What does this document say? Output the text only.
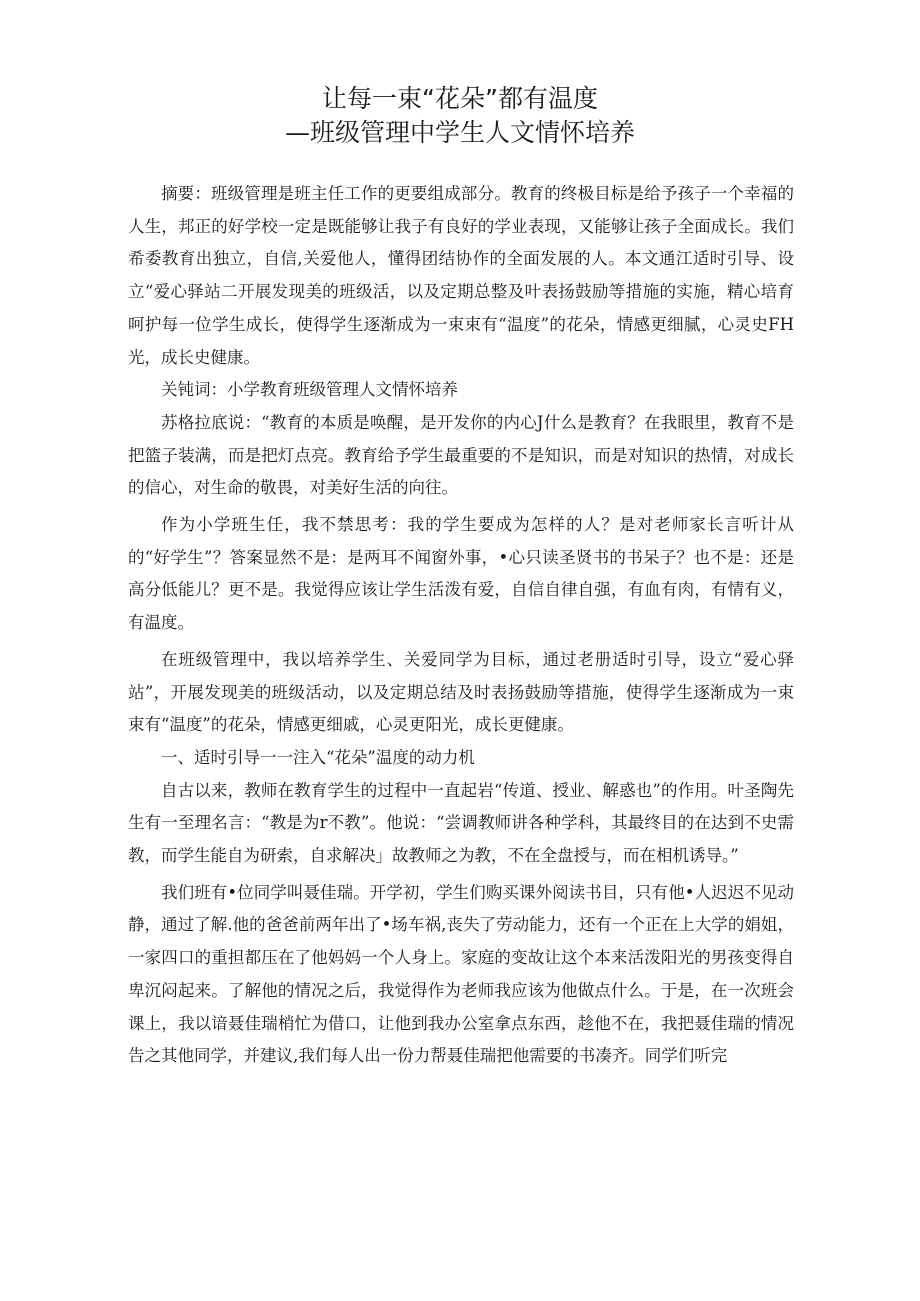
让每一束“花朵”都有温度
—班级管理中学生人文情怀培养

摘要：班级管理是班主任工作的更要组成部分。教育的终极目标是给予孩子一个幸福的人生，邦正的好学校一定是既能够让我子有良好的学业表现，又能够让孩子全面成长。我们希委教育出独立，自信,关爱他人，懂得团结协作的全面发展的人。本文通江适时引导、设立“爱心驿站二开展发现美的班级活，以及定期总整及叶表扬鼓励等措施的实施，精心培育呵护每一位学生成长，使得学生逐渐成为一束束有“温度”的花朵，情感更细腻，心灵史FH光，成长史健康。

关钝词：小学教育班级管理人文情怀培养

苏格拉底说：“教育的本质是唤醒，是开发你的内心J什么是教育？在我眼里，教育不是把篮子装满，而是把灯点亮。教育给予学生最重要的不是知识，而是对知识的热情，对成长的信心，对生命的敬畏，对美好生活的向往。

作为小学班生任，我不禁思考：我的学生要成为怎样的人？是对老师家长言听计从的“好学生”？答案显然不是：是两耳不闻窗外事，•心只读圣贤书的书呆子？也不是：还是高分低能儿？更不是。我觉得应该让学生活泼有爱，自信自律自强，有血有肉，有情有义，有温度。

在班级管理中，我以培养学生、关爱同学为目标，通过老册适时引导，设立“爱心驿站”，开展发现美的班级活动，以及定期总结及时表扬鼓励等措施，使得学生逐渐成为一束束有“温度”的花朵，情感更细戚，心灵更阳光，成长更健康。

一、适时引导一一注入“花朵”温度的动力机

自古以来，教师在教育学生的过程中一直起岩“传道、授业、解惑也”的作用。叶圣陶先生有一至理名言：“教是为r不教”。他说：“尝调教师讲各种学科，其最终目的在达到不史需教，而学生能自为研索，自求解决」故教师之为教，不在全盘授与，而在相机诱导。”

我们班有•位同学叫聂佳瑞。开学初，学生们购买课外阅读书目，只有他•人迟迟不见动静，通过了解.他的爸爸前两年出了•场车祸,丧失了劳动能力，还有一个正在上大学的娟姐，一家四口的重担都压在了他妈妈一个人身上。家庭的变故让这个本来活泼阳光的男孩变得自卑沉闷起来。了解他的情况之后，我觉得作为老师我应该为他做点什么。于是，在一次班会课上，我以谙聂佳瑞梢忙为借口，让他到我办公室拿点东西，趁他不在，我把聂佳瑞的情况告之其他同学，并建议,我们每人出一份力帮聂佳瑞把他需要的书凑齐。同学们听完
